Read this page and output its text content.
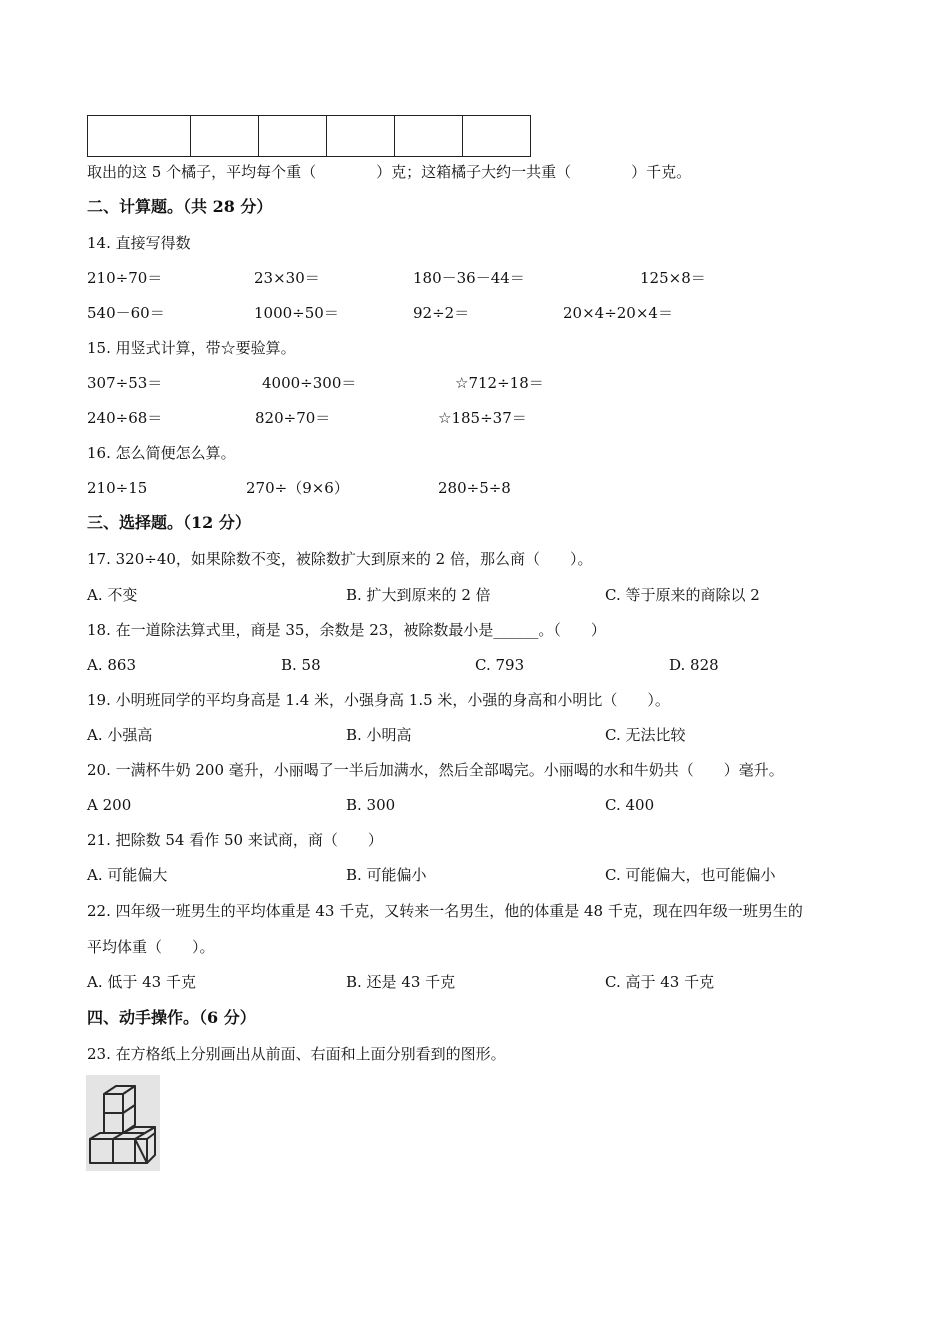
取出的这 5 个橘子，平均每个重（　　　　）克；这箱橘子大约一共重（　　　　）千克。
二、计算题。（共 28 分）
14. 直接写得数
210÷70＝	23×30＝	180－36－44＝	125×8＝
540－60＝	1000÷50＝	92÷2＝	20×4÷20×4＝
15. 用竖式计算，带☆要验算。
307÷53＝	4000÷300＝	☆712÷18＝
240÷68＝	820÷70＝	☆185÷37＝
16. 怎么简便怎么算。
210÷15	270÷（9×6）	280÷5÷8
三、选择题。（12 分）
17. 320÷40，如果除数不变，被除数扩大到原来的 2 倍，那么商（　　）。
A. 不变	B. 扩大到原来的 2 倍	C. 等于原来的商除以 2
18. 在一道除法算式里，商是 35，余数是 23，被除数最小是______。（　　）
A. 863	B. 58	C. 793	D. 828
19. 小明班同学的平均身高是 1.4 米，小强身高 1.5 米，小强的身高和小明比（　　）。
A. 小强高	B. 小明高	C. 无法比较
20. 一满杯牛奶 200 毫升，小丽喝了一半后加满水，然后全部喝完。小丽喝的水和牛奶共（　　）毫升。
A 200	B. 300	C. 400
21. 把除数 54 看作 50 来试商，商（　　）
A. 可能偏大	B. 可能偏小	C. 可能偏大，也可能偏小
22. 四年级一班男生的平均体重是 43 千克，又转来一名男生，他的体重是 48 千克，现在四年级一班男生的
平均体重（　　）。
A. 低于 43 千克	B. 还是 43 千克	C. 高于 43 千克
四、动手操作。（6 分）
23. 在方格纸上分别画出从前面、右面和上面分别看到的图形。
